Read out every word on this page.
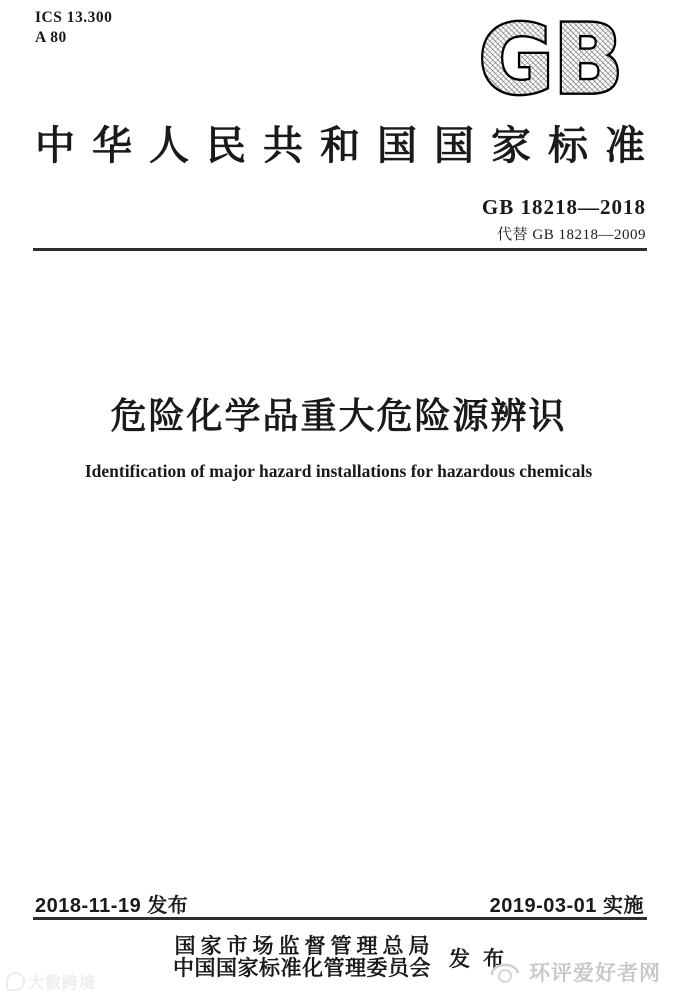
ICS 13.300
A 80	GB
中华人民共和国国家标准
GB 18218—2018
代替 GB 18218—2009
危险化学品重大危险源辨识
Identification of major hazard installations for hazardous chemicals
2018-11-19 发布	2019-03-01 实施
国家市场监督管理总局
中国国家标准化管理委员会 发布
大数跨境	环评爱好者网
